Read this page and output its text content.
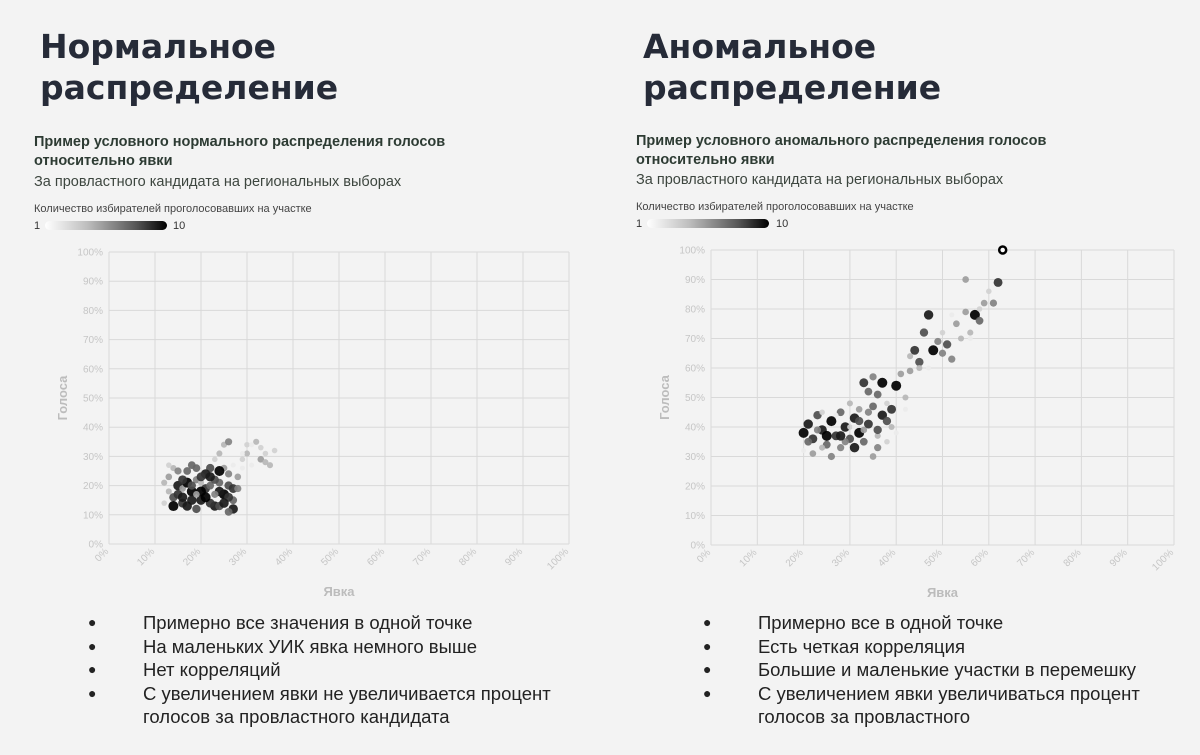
Нормальное
распределение
Пример условного нормального распределения голосов относительно явки
За провластного кандидата на региональных выборах
Количество избирателей проголосовавших на участке
1	10
0%
10%
20%
30%
40%
50%
60%
70%
80%
90%
100%
0% 10% 20% 30% 40% 50% 60% 70% 80% 90% 100%
Явка
Голоса
● Примерно все значения в одной точке
● На маленьких УИК явка немного выше
● Нет корреляций
● С увеличением явки не увеличивается процент голосов за провластного кандидата
Аномальное
распределение
Пример условного аномального распределения голосов относительно явки
За провластного кандидата на региональных выборах
Количество избирателей проголосовавших на участке
1	10
0%
10%
20%
30%
40%
50%
60%
70%
80%
90%
100%
0% 10% 20% 30% 40% 50% 60% 70% 80% 90% 100%
Явка
Голоса
● Примерно все в одной точке
● Есть четкая корреляция
● Большие и маленькие участки в перемешку
● С увеличением явки увеличиваться процент голосов за провластного
